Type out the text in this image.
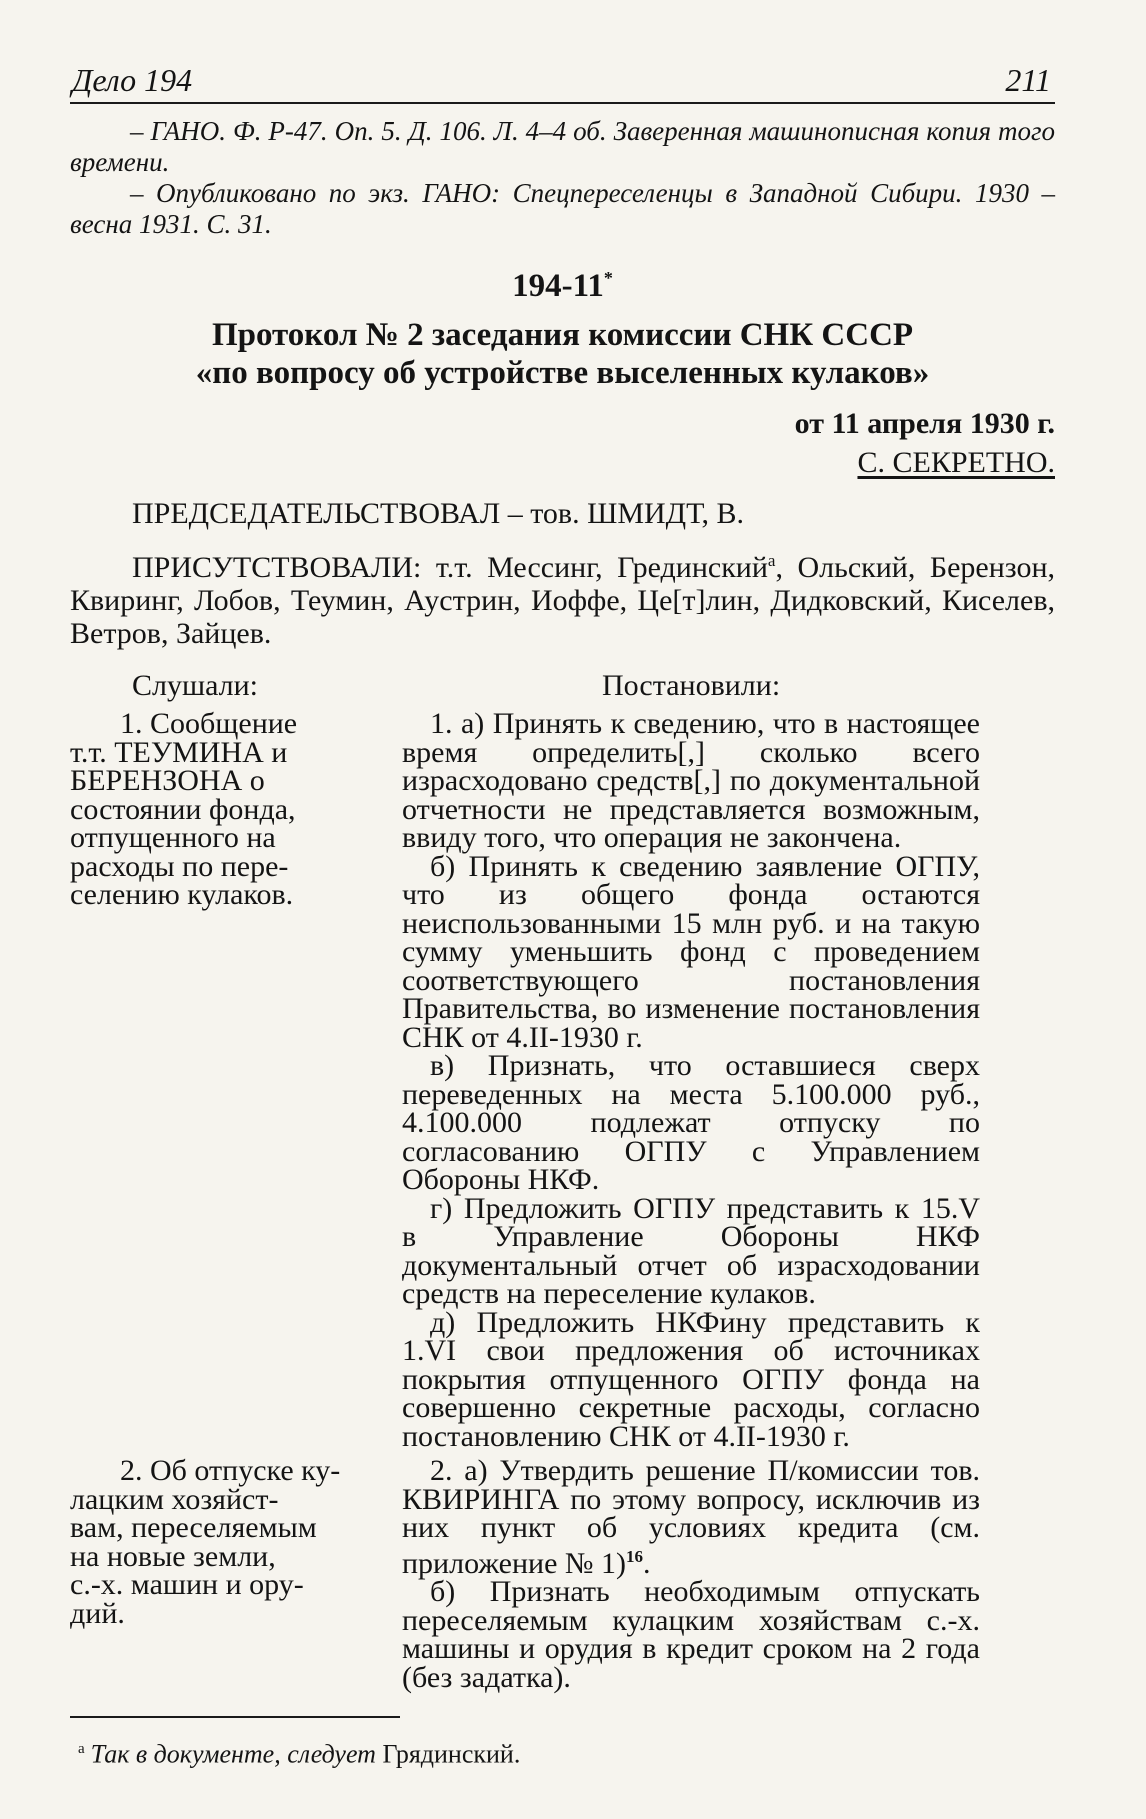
Дело 194	211

– ГАНО. Ф. Р-47. Оп. 5. Д. 106. Л. 4–4 об. Заверенная машинописная копия того времени.

– Опубликовано по экз. ГАНО: Спецпереселенцы в Западной Сибири. 1930 – весна 1931. С. 31.

194-11*
Протокол № 2 заседания комиссии СНК СССР
«по вопросу об устройстве выселенных кулаков»
от 11 апреля 1930 г.
С. СЕКРЕТНО.
ПРЕДСЕДАТЕЛЬСТВОВАЛ – тов. ШМИДТ, В.
ПРИСУТСТВОВАЛИ: т.т. Мессинг, Грединский$^а$, Ольский, Берензон, Квиринг, Лобов, Теумин, Аустрин, Иоффе, Це[т]лин, Дидковский, Киселев, Ветров, Зайцев.
Слушали:	Постановили:
1. Сообщение
т.т. ТЕУМИНА и
БЕРЕНЗОНА о
состоянии фонда,
отпущенного на
расходы по пере-
селению кулаков.

1. а) Принять к сведению, что в настоящее время определить[,] сколько всего израсходовано средств[,] по документальной отчетности не представляется возможным, ввиду того, что операция не закончена.

б) Принять к сведению заявление ОГПУ, что из общего фонда остаются неиспользованными 15 млн руб. и на такую сумму уменьшить фонд с проведением соответствующего постановления Правительства, во изменение постановления СНК от 4.II-1930 г.

в) Признать, что оставшиеся сверх переведенных на места 5.100.000 руб., 4.100.000 подлежат отпуску по согласованию ОГПУ с Управлением Обороны НКФ.

г) Предложить ОГПУ представить к 15.V в Управление Обороны НКФ документальный отчет об израсходовании средств на переселение кулаков.

д) Предложить НКФину представить к 1.VI свои предложения об источниках покрытия отпущенного ОГПУ фонда на совершенно секретные расходы, согласно постановлению СНК от 4.II-1930 г.

2. Об отпуске ку-
лацким хозяйст-
вам, переселяемым
на новые земли,
с.-х. машин и ору-
дий.

2. а) Утвердить решение П/комиссии тов. КВИРИНГА по этому вопросу, исключив из них пункт об условиях кредита (см. приложение № 1)$^{16}$.

б) Признать необходимым отпускать переселяемым кулацким хозяйствам с.-х. машины и орудия в кредит сроком на 2 года (без задатка).

$^а$ Так в документе, следует Грядинский.
